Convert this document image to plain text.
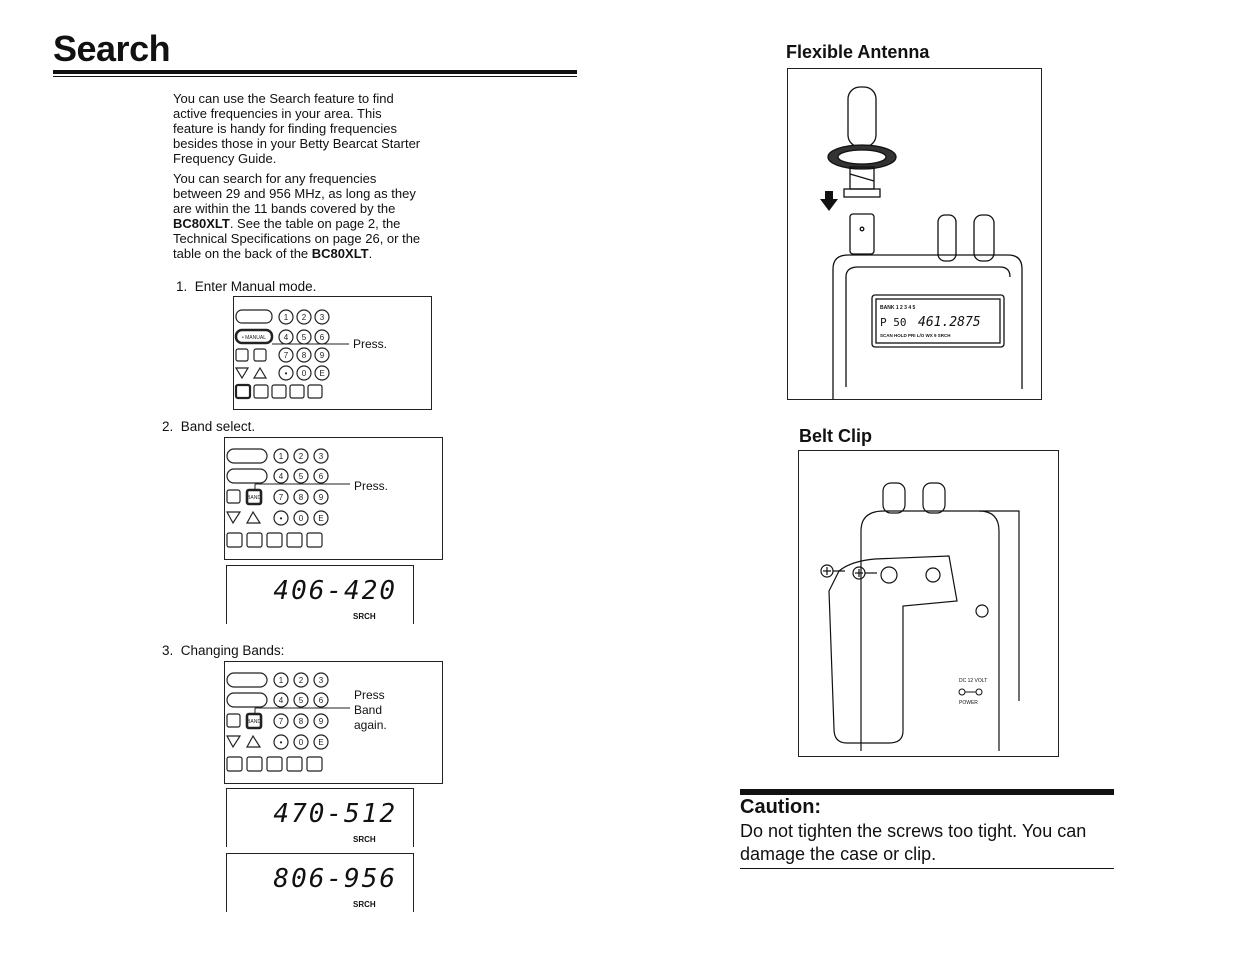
Search
You can use the Search feature to find active frequencies in your area. This feature is handy for finding frequencies besides those in your Betty Bearcat Starter Frequency Guide.
You can search for any frequencies between 29 and 956 MHz, as long as they are within the 11 bands covered by the BC80XLT. See the table on page 2, the Technical Specifications on page 26, or the table on the back of the BC80XLT.
1. Enter Manual mode.
1 2 3
4 5 6
7 8 9
• 0 E
• MANUAL	Press.
2. Band select.
1 2 3
4 5 6
7 8 9
• 0 E
BAND
Press.
406-420
SRCH
3. Changing Bands:
1 2 3
4 5 6
7 8 9
• 0 E
BAND
Press
Band
again.
470-512
SRCH
806-956
SRCH
Flexible Antenna
BANK 1 2 3 4 5
P 50 461.2875
SCAN HOLD PRI L/O WX 9 SRCH
Belt Clip
DC 12 VOLT
POWER
Caution:
Do not tighten the screws too tight. You can damage the case or clip.
